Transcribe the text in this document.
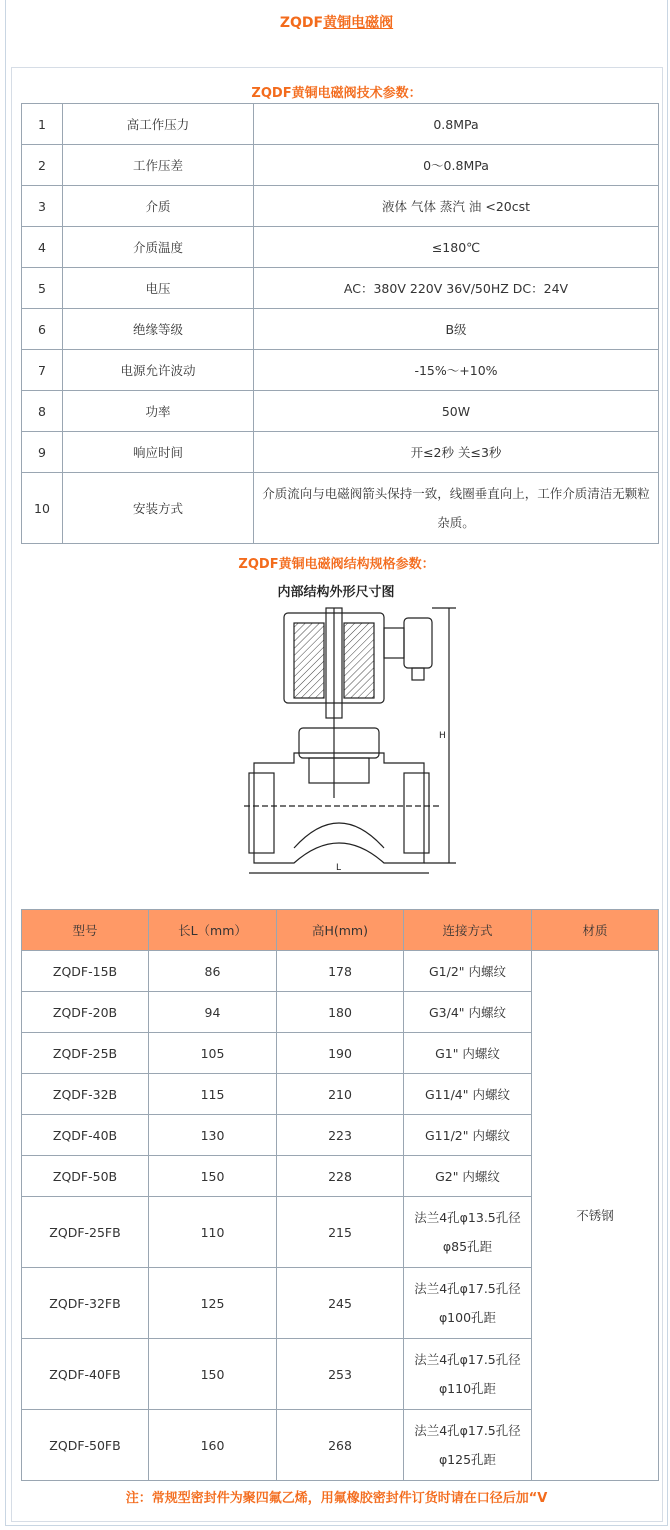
ZQDF黄铜电磁阀
ZQDF黄铜电磁阀技术参数：
1	高工作压力	0.8MPa
2	工作压差	0～0.8MPa
3	介质	液体 气体 蒸汽 油 <20cst
4	介质温度	≤180℃
5	电压	AC：380V 220V 36V/50HZ DC：24V
6	绝缘等级	B级
7	电源允许波动	-15%～+10%
8	功率	50W
9	响应时间	开≤2秒 关≤3秒
10	安装方式	介质流向与电磁阀箭头保持一致，线圈垂直向上，工作介质清洁无颗粒杂质。
ZQDF黄铜电磁阀结构规格参数：
内部结构外形尺寸图
H
L
型号	长L（mm）	高H(mm)	连接方式	材质
ZQDF-15B	86	178	G1/2" 内螺纹	不锈钢
ZQDF-20B	94	180	G3/4" 内螺纹	
ZQDF-25B	105	190	G1" 内螺纹	
ZQDF-32B	115	210	G11/4" 内螺纹	
ZQDF-40B	130	223	G11/2" 内螺纹	
ZQDF-50B	150	228	G2" 内螺纹	
ZQDF-25FB	110	215	法兰4孔φ13.5孔径φ85孔距	
ZQDF-32FB	125	245	法兰4孔φ17.5孔径φ100孔距	
ZQDF-40FB	150	253	法兰4孔φ17.5孔径φ110孔距	
ZQDF-50FB	160	268	法兰4孔φ17.5孔径φ125孔距	
注：常规型密封件为聚四氟乙烯，用氟橡胶密封件订货时请在口径后加“V
